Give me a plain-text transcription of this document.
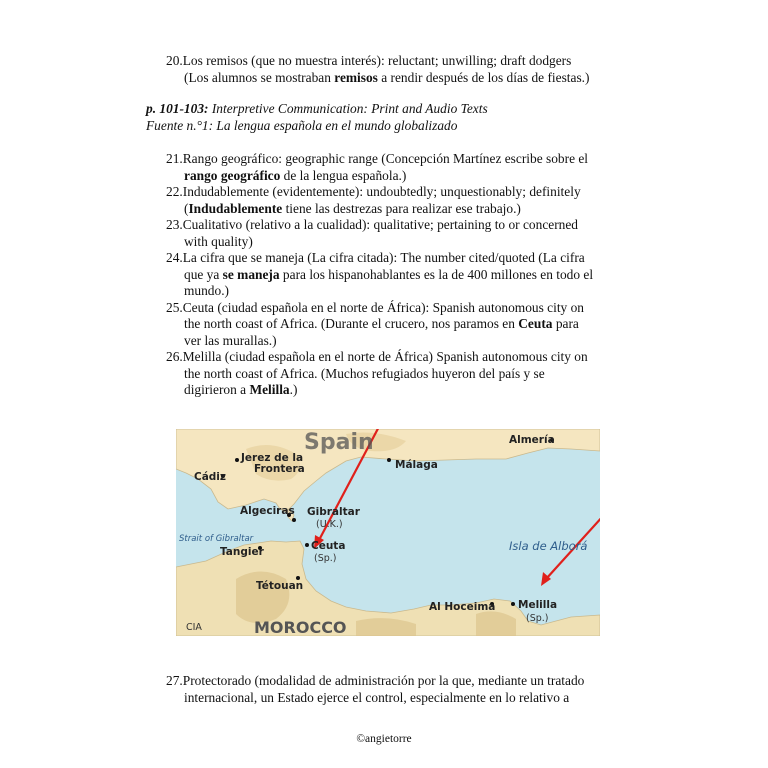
20.Los remisos (que no muestra interés): reluctant; unwilling; draft dodgers
(Los alumnos se mostraban remisos a rendir después de los días de fiestas.)
p. 101-103: Interpretive Communication: Print and Audio Texts
Fuente n.°1: La lengua española en el mundo globalizado
21.Rango geográfico: geographic range (Concepción Martínez escribe sobre el
rango geográfico de la lengua española.)
22.Indudablemente (evidentemente): undoubtedly; unquestionably; definitely
(Indudablemente tiene las destrezas para realizar ese trabajo.)
23.Cualitativo (relativo a la cualidad): qualitative; pertaining to or concerned
with quality)
24.La cifra que se maneja (La cifra citada): The number cited/quoted (La cifra
que ya se maneja para los hispanohablantes es la de 400 millones en todo el
mundo.)
25.Ceuta (ciudad española en el norte de África): Spanish autonomous city on
the north coast of Africa. (Durante el crucero, nos paramos en Ceuta para
ver las murallas.)
26.Melilla (ciudad española en el norte de África) Spanish autonomous city on
the north coast of Africa. (Muchos refugiados huyeron del país y se
digirieron a Melilla.)
Spain
MOROCCO
CIA
Strait of Gibraltar	Isla de Alborá
Almería
Jerez de la
Frontera	Málaga
Cádiz
Algeciras Gibraltar
(U.K.)
Tangier	Ceuta
(Sp.)
Tétouan
Al Hoceima Melilla
(Sp.)
27.Protectorado (modalidad de administración por la que, mediante un tratado
internacional, un Estado ejerce el control, especialmente en lo relativo a
©angietorre
